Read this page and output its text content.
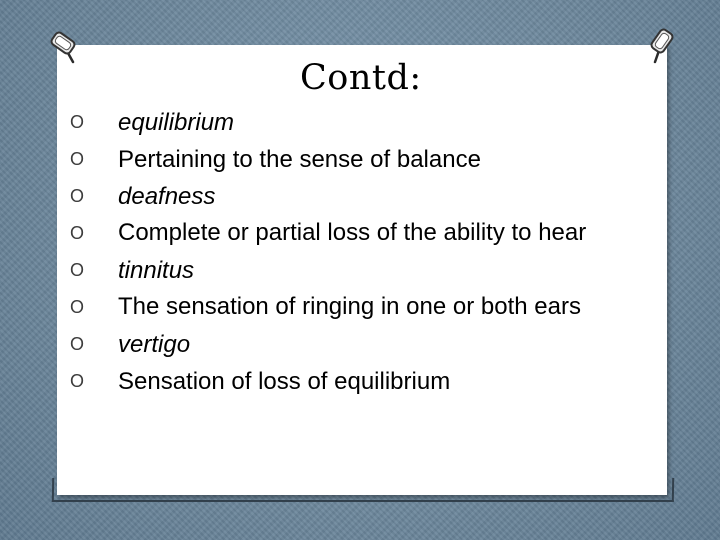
Contd:
O equilibrium
O Pertaining to the sense of balance
O deafness
O Complete or partial loss of the ability to hear
O tinnitus
O The sensation of ringing in one or both ears
O vertigo
O Sensation of loss of equilibrium
